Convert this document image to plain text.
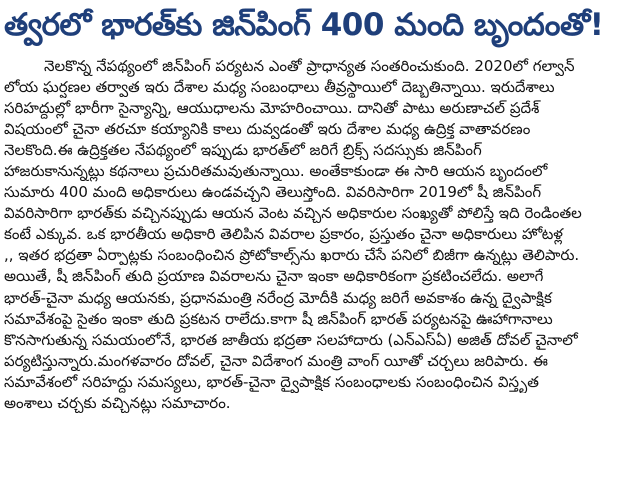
త్వరలో భారత్‌కు జిన్‌పింగ్ 400 మంది బృందంతో!
నెలకొన్న నేపథ్యంలో జిన్‌పింగ్ పర్యటన ఎంతో ప్రాధాన్యత సంతరించుకుంది. 2020లో గల్వాన్
లోయ ఘర్షణల తర్వాత ఇరు దేశాల మధ్య సంబంధాలు తీవ్రస్థాయిలో దెబ్బతిన్నాయి. ఇరుదేశాలు
సరిహద్దుల్లో భారీగా సైన్యాన్ని, ఆయుధాలను మోహరించాయి. దానితో పాటు అరుణాచల్ ప్రదేశ్
విషయంలో చైనా తరచూ కయ్యానికి కాలు దువ్వడంతో ఇరు దేశాల మధ్య ఉద్రిక్త వాతావరణం
నెలకొంది.ఈ ఉద్రిక్తతల నేపథ్యంలో ఇప్పుడు భారత్‌లో జరిగే బ్రిక్స్ సదస్సుకు జిన్‌పింగ్
హాజరుకానున్నట్లు కథనాలు ప్రచురితమవుతున్నాయి. అంతేకాకుండా ఈ సారి ఆయన బృందంలో
సుమారు 400 మంది అధికారులు ఉండవచ్చని తెలుస్తోంది. వివరిసారిగా 2019లో షీ జిన్‌పింగ్
వివరిసారిగా భారత్‌కు వచ్చినప్పుడు ఆయన వెంట వచ్చిన అధికారుల సంఖ్యతో పోలిస్తే ఇది రెండింతల
కంటే ఎక్కువ. ఒక భారతీయ అధికారి తెలిపిన వివరాల ప్రకారం, ప్రస్తుతం చైనా అధికారులు హోటళ్ల
,, ఇతర భద్రతా ఏర్పాట్లకు సంబంధించిన ప్రోటోకాల్స్‌ను ఖరారు చేసే పనిలో బిజీగా ఉన్నట్లు తెలిపారు.
అయితే, షీ జిన్‌పింగ్ తుది ప్రయాణ వివరాలను చైనా ఇంకా అధికారికంగా ప్రకటించలేదు. అలాగే
భారత్-చైనా మధ్య ఆయనకు, ప్రధానమంత్రి నరేంద్ర మోదీకి మధ్య జరిగే అవకాశం ఉన్న ద్వైపాక్షిక
సమావేశంపై సైతం ఇంకా తుది ప్రకటన రాలేదు.కాగా షీ జిన్‌పింగ్ భారత్ పర్యటనపై ఊహాగానాలు
కొనసాగుతున్న సమయంలోనే, భారత జాతీయ భద్రతా సలహాదారు (ఎన్ఎస్ఏ) అజిత్ దోవల్ చైనాలో
పర్యటిస్తున్నారు.మంగళవారం దోవల్, చైనా విదేశాంగ మంత్రి వాంగ్ యీతో చర్చలు జరిపారు. ఈ
సమావేశంలో సరిహద్దు సమస్యలు, భారత్-చైనా ద్వైపాక్షిక సంబంధాలకు సంబంధించిన విస్తృత
అంశాలు చర్చకు వచ్చినట్లు సమాచారం.
